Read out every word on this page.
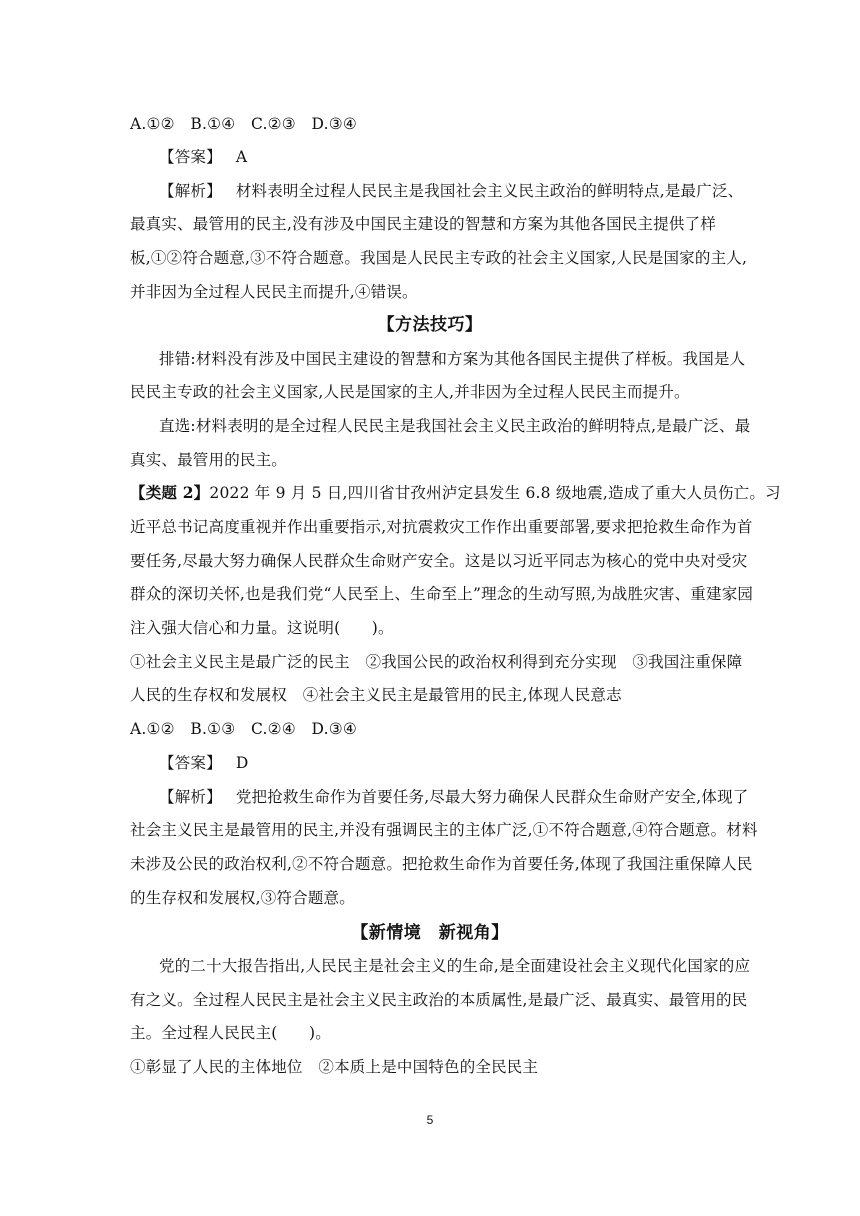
A.①②　B.①④　C.②③　D.③④
【答案】 A
【解析】 材料表明全过程人民民主是我国社会主义民主政治的鲜明特点,是最广泛、
最真实、最管用的民主,没有涉及中国民主建设的智慧和方案为其他各国民主提供了样
板,①②符合题意,③不符合题意。我国是人民民主专政的社会主义国家,人民是国家的主人,
并非因为全过程人民民主而提升,④错误。
【方法技巧】
排错:材料没有涉及中国民主建设的智慧和方案为其他各国民主提供了样板。我国是人
民民主专政的社会主义国家,人民是国家的主人,并非因为全过程人民民主而提升。
直选:材料表明的是全过程人民民主是我国社会主义民主政治的鲜明特点,是最广泛、最
真实、最管用的民主。
【类题 2】2022 年 9 月 5 日,四川省甘孜州泸定县发生 6.8 级地震,造成了重大人员伤亡。习
近平总书记高度重视并作出重要指示,对抗震救灾工作作出重要部署,要求把抢救生命作为首
要任务,尽最大努力确保人民群众生命财产安全。这是以习近平同志为核心的党中央对受灾
群众的深切关怀,也是我们党“人民至上、生命至上”理念的生动写照,为战胜灾害、重建家园
注入强大信心和力量。这说明(　　)。
①社会主义民主是最广泛的民主　②我国公民的政治权利得到充分实现　③我国注重保障
人民的生存权和发展权　④社会主义民主是最管用的民主,体现人民意志
A.①②　B.①③　C.②④　D.③④
【答案】 D
【解析】 党把抢救生命作为首要任务,尽最大努力确保人民群众生命财产安全,体现了
社会主义民主是最管用的民主,并没有强调民主的主体广泛,①不符合题意,④符合题意。材料
未涉及公民的政治权利,②不符合题意。把抢救生命作为首要任务,体现了我国注重保障人民
的生存权和发展权,③符合题意。
【新情境　新视角】
党的二十大报告指出,人民民主是社会主义的生命,是全面建设社会主义现代化国家的应
有之义。全过程人民民主是社会主义民主政治的本质属性,是最广泛、最真实、最管用的民
主。全过程人民民主(　　)。
①彰显了人民的主体地位　②本质上是中国特色的全民民主
5
